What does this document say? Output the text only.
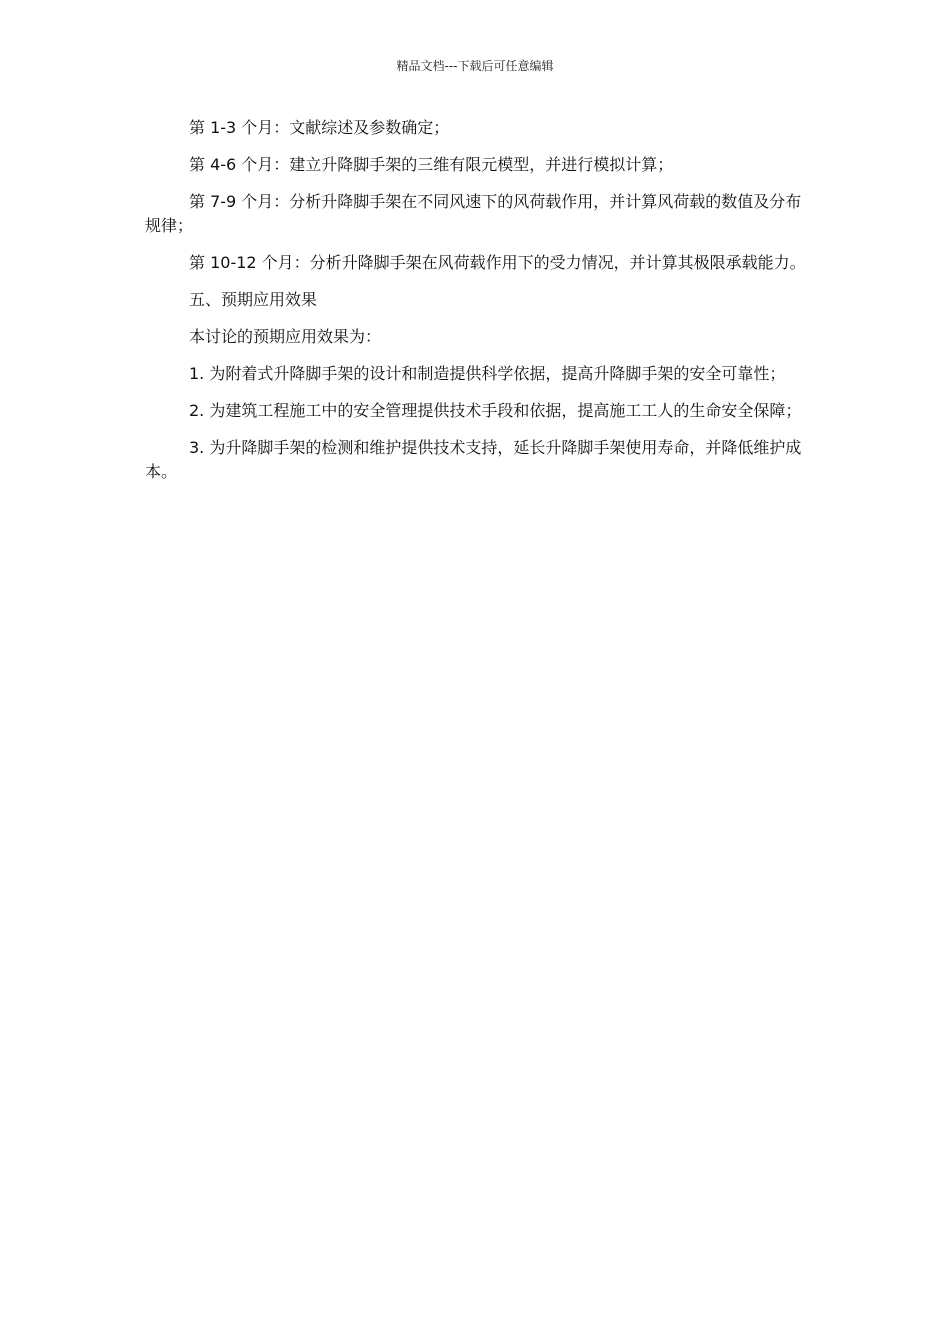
精品文档---下载后可任意编辑

第 1-3 个月：文献综述及参数确定；

第 4-6 个月：建立升降脚手架的三维有限元模型，并进行模拟计算；

第 7-9 个月：分析升降脚手架在不同风速下的风荷载作用，并计算风荷载的数值及分布规律；

第 10-12 个月：分析升降脚手架在风荷载作用下的受力情况，并计算其极限承载能力。

五、预期应用效果

本讨论的预期应用效果为：

1. 为附着式升降脚手架的设计和制造提供科学依据，提高升降脚手架的安全可靠性；

2. 为建筑工程施工中的安全管理提供技术手段和依据，提高施工工人的生命安全保障；

3. 为升降脚手架的检测和维护提供技术支持，延长升降脚手架使用寿命，并降低维护成本。
